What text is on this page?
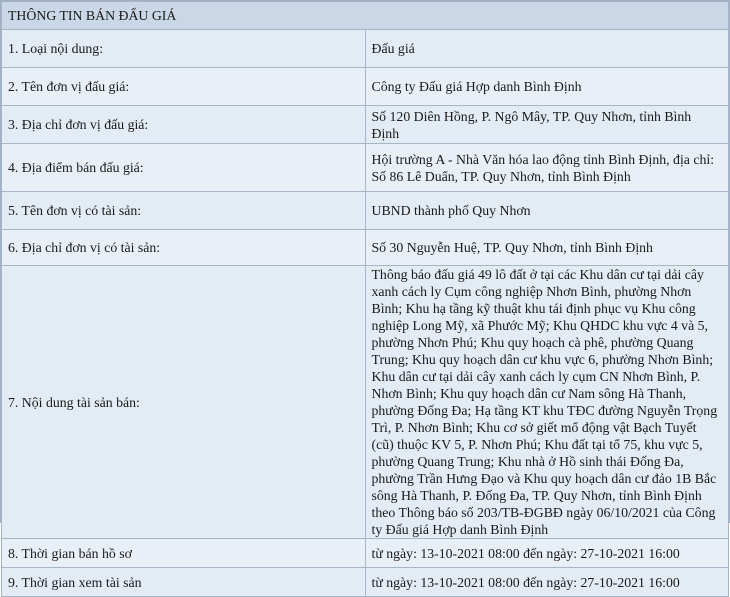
THÔNG TIN BÁN ĐẤU GIÁ	
1. Loại nội dung:	Đấu giá
2. Tên đơn vị đấu giá:	Công ty Đấu giá Hợp danh Bình Định
3. Địa chỉ đơn vị đấu giá:	Số 120 Diên Hồng, P. Ngô Mây, TP. Quy Nhơn, tỉnh Bình Định
4. Địa điểm bán đấu giá:	Hội trường A - Nhà Văn hóa lao động tỉnh Bình Định, địa chỉ: Số 86 Lê Duẩn, TP. Quy Nhơn, tỉnh Bình Định
5. Tên đơn vị có tài sản:	UBND thành phố Quy Nhơn
6. Địa chỉ đơn vị có tài sản:	Số 30 Nguyễn Huệ, TP. Quy Nhơn, tỉnh Bình Định
7. Nội dung tài sản bán:	Thông báo đấu giá 49 lô đất ở tại các Khu dân cư tại dải cây xanh cách ly Cụm công nghiệp Nhơn Bình, phường Nhơn Bình; Khu hạ tầng kỹ thuật khu tái định phục vụ Khu công nghiệp Long Mỹ, xã Phước Mỹ; Khu QHDC khu vực 4 và 5, phường Nhơn Phú; Khu quy hoạch cà phê, phường Quang Trung; Khu quy hoạch dân cư khu vực 6, phường Nhơn Bình; Khu dân cư tại dải cây xanh cách ly cụm CN Nhơn Bình, P. Nhơn Bình; Khu quy hoạch dân cư Nam sông Hà Thanh, phường Đống Đa; Hạ tầng KT khu TĐC đường Nguyễn Trọng Trì, P. Nhơn Bình; Khu cơ sở giết mổ động vật Bạch Tuyết (cũ) thuộc KV 5, P. Nhơn Phú; Khu đất tại tổ 75, khu vực 5, phường Quang Trung; Khu nhà ở Hồ sinh thái Đống Đa, phường Trần Hưng Đạo và Khu quy hoạch dân cư đảo 1B Bắc sông Hà Thanh, P. Đống Đa, TP. Quy Nhơn, tỉnh Bình Định theo Thông báo số 203/TB-ĐGBĐ ngày 06/10/2021 của Công ty Đấu giá Hợp danh Bình Định
8. Thời gian bán hồ sơ	từ ngày: 13-10-2021 08:00 đến ngày: 27-10-2021 16:00
9. Thời gian xem tài sản	từ ngày: 13-10-2021 08:00 đến ngày: 27-10-2021 16:00
